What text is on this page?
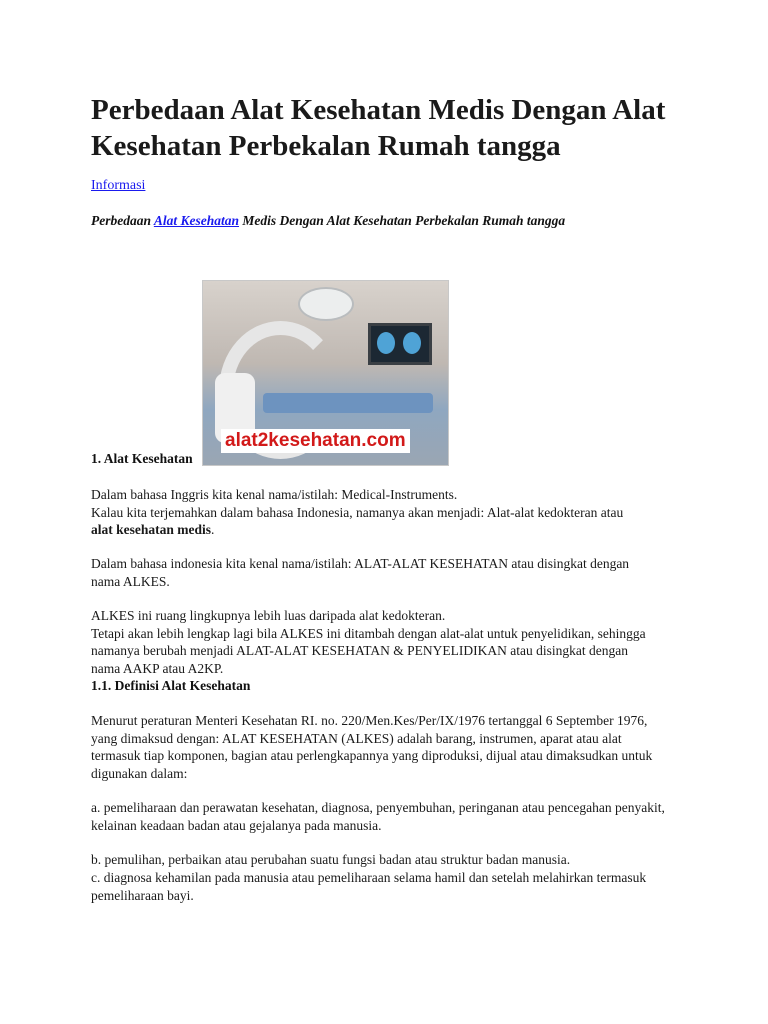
Perbedaan Alat Kesehatan Medis Dengan Alat Kesehatan Perbekalan Rumah tangga
Informasi
Perbedaan Alat Kesehatan Medis Dengan Alat Kesehatan Perbekalan Rumah tangga
alat2kesehatan.com
1. Alat Kesehatan

Dalam bahasa Inggris kita kenal nama/istilah: Medical-Instruments.
Kalau kita terjemahkan dalam bahasa Indonesia, namanya akan menjadi: Alat-alat kedokteran atau
alat kesehatan medis.

Dalam bahasa indonesia kita kenal nama/istilah: ALAT-ALAT KESEHATAN atau disingkat dengan nama ALKES.

ALKES ini ruang lingkupnya lebih luas daripada alat kedokteran.
Tetapi akan lebih lengkap lagi bila ALKES ini ditambah dengan alat-alat untuk penyelidikan, sehingga namanya berubah menjadi ALAT-ALAT KESEHATAN & PENYELIDIKAN atau disingkat dengan nama AAKP atau A2KP.

1.1. Definisi Alat Kesehatan

Menurut peraturan Menteri Kesehatan RI. no. 220/Men.Kes/Per/IX/1976 tertanggal 6 September 1976, yang dimaksud dengan: ALAT KESEHATAN (ALKES) adalah barang, instrumen, aparat atau alat termasuk tiap komponen, bagian atau perlengkapannya yang diproduksi, dijual atau dimaksudkan untuk digunakan dalam:

a. pemeliharaan dan perawatan kesehatan, diagnosa, penyembuhan, peringanan atau pencegahan penyakit, kelainan keadaan badan atau gejalanya pada manusia.

b. pemulihan, perbaikan atau perubahan suatu fungsi badan atau struktur badan manusia.

c. diagnosa kehamilan pada manusia atau pemeliharaan selama hamil dan setelah melahirkan termasuk pemeliharaan bayi.
